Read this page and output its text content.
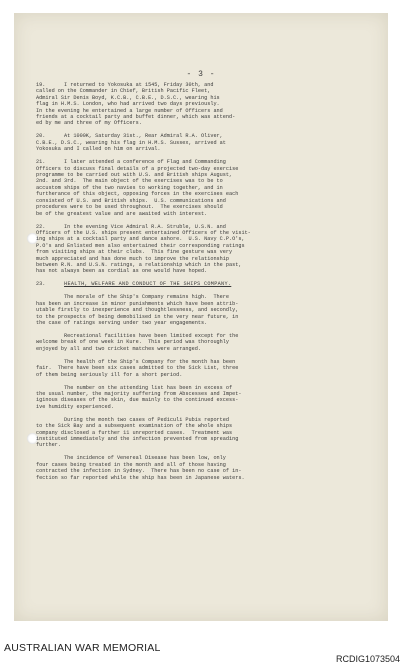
- 3 -
19.      I returned to Yokosuka at 1545, Friday 30th, and
called on the Commander in Chief, British Pacific Fleet,
Admiral Sir Denis Boyd, K.C.B., C.B.E., D.S.C., wearing his
flag in H.M.S. London, who had arrived two days previously.
In the evening he entertained a large number of Officers and
friends at a cocktail party and buffet dinner, which was attend-
ed by me and three of my Officers.
20.      At 1000K, Saturday 31st., Rear Admiral R.A. Oliver,
C.B.E., D.S.C., wearing his flag in H.M.S. Sussex, arrived at
Yokosuka and I called on him on arrival.
21.      I later attended a conference of Flag and Commanding
Officers to discuss final details of a projected two-day exercise
programme to be carried out with U.S. and British ships August,
2nd. and 3rd.  The main object of the exercises was to be to
accustom ships of the two navies to working together, and in
furtherance of this object, opposing forces in the exercises each
consisted of U.S. and British ships.  U.S. communications and
procedures were to be used throughout.  The exercises should
be of the greatest value and are awaited with interest.
22.      In the evening Vice Admiral R.A. Struble, U.S.N. and
Officers of the U.S. ships present entertained Officers of the visit-
ing ships at a cocktail party and dance ashore.  U.S. Navy C.P.O's,
P.O's and Enlisted men also entertained their corresponding ratings
from visiting ships at their clubs.  This fine gesture was very
much appreciated and has done much to improve the relationship
between R.N. and U.S.N. ratings, a relationship which in the past,
has not always been as cordial as one would have hoped.
23.	HEALTH, WELFARE AND CONDUCT OF THE SHIPS COMPANY.
The morale of the Ship's Company remains high.  There
has been an increase in minor punishments which have been attrib-
utable firstly to inexperience and thoughtlessness, and secondly,
to the prospects of being demobilised in the very near future, in
the case of ratings serving under two year engagements.
Recreational facilities have been limited except for the
welcome break of one week in Kure.  This period was thoroughly
enjoyed by all and two cricket matches were arranged.
The health of the Ship's Company for the month has been
fair.  There have been six cases admitted to the Sick List, three
of them being seriously ill for a short period.
The number on the attending list has been in excess of
the usual number, the majority suffering from Abscesses and Impet-
iginous diseases of the skin, due mainly to the continued excess-
ive humidity experienced.
During the month two cases of Pediculi Pubis reported
to the Sick Bay and a subsequent examination of the whole ships
company disclosed a further 11 unreported cases.  Treatment was
instituted immediately and the infection prevented from spreading
further.
The incidence of Venereal Disease has been low, only
four cases being treated in the month and all of those having
contracted the infection in Sydney.  There has been no case of in-
fection so far reported while the ship has been in Japanese waters.
AUSTRALIAN WAR MEMORIAL
RCDIG1073504
